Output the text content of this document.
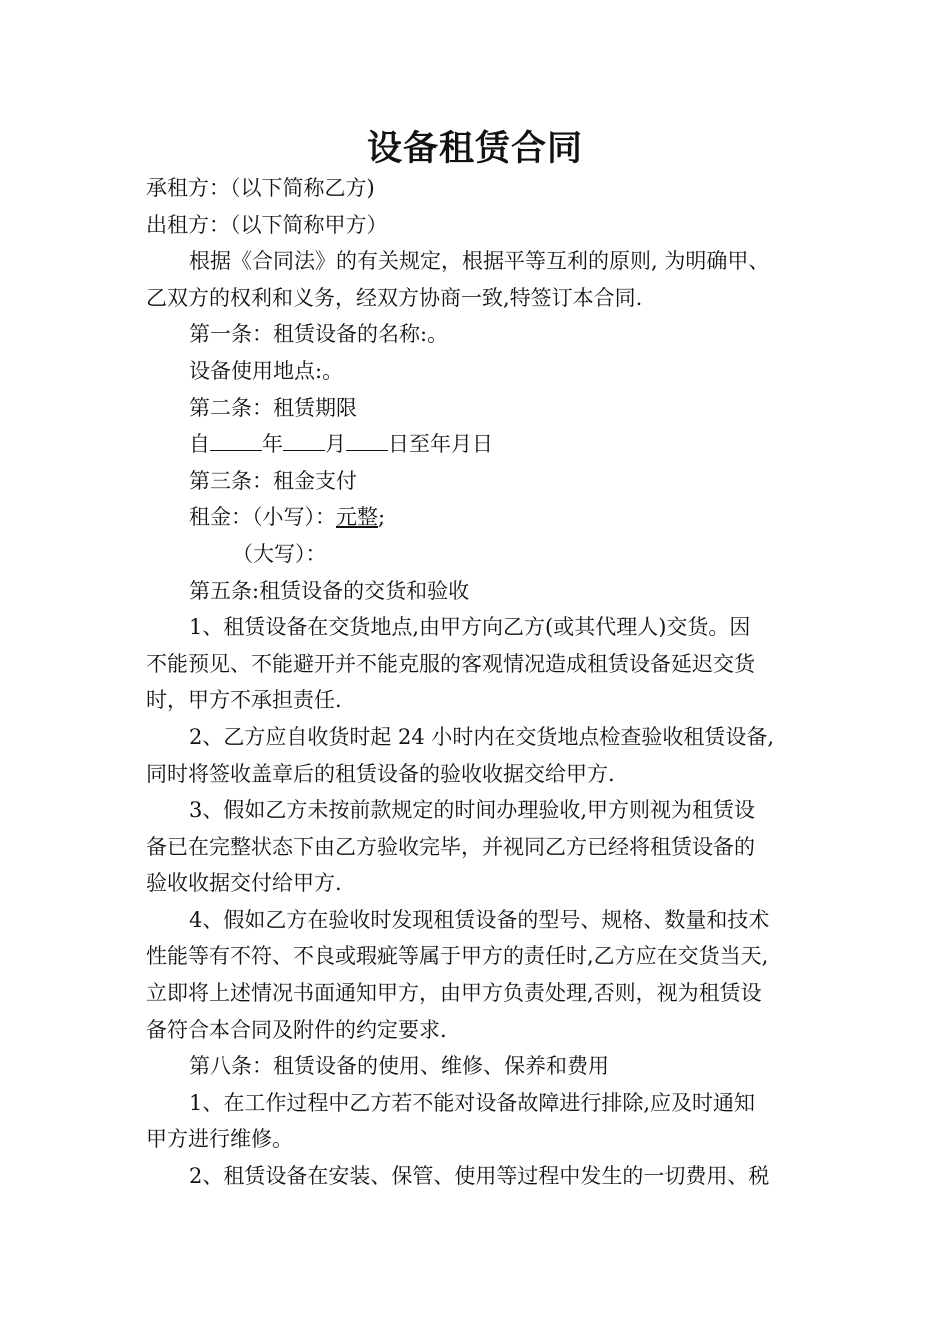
设备租赁合同

承租方：（以下简称乙方)

出租方：（以下简称甲方）

根据《合同法》的有关规定，根据平等互利的原则, 为明确甲、

乙双方的权利和义务，经双方协商一致,特签订本合同.

第一条：租赁设备的名称:。

设备使用地点:。

第二条：租赁期限

自 年 月 日至年月日

第三条：租金支付

租金：（小写）：元整;

（大写）：

第五条:租赁设备的交货和验收

1、租赁设备在交货地点,由甲方向乙方(或其代理人)交货。因

不能预见、不能避开并不能克服的客观情况造成租赁设备延迟交货

时，甲方不承担责任.

2、乙方应自收货时起 24 小时内在交货地点检查验收租赁设备,

同时将签收盖章后的租赁设备的验收收据交给甲方.

3、假如乙方未按前款规定的时间办理验收,甲方则视为租赁设

备已在完整状态下由乙方验收完毕，并视同乙方已经将租赁设备的

验收收据交付给甲方.

4、假如乙方在验收时发现租赁设备的型号、规格、数量和技术

性能等有不符、不良或瑕疵等属于甲方的责任时,乙方应在交货当天,

立即将上述情况书面通知甲方，由甲方负责处理,否则，视为租赁设

备符合本合同及附件的约定要求.

第八条：租赁设备的使用、维修、保养和费用

1、在工作过程中乙方若不能对设备故障进行排除,应及时通知

甲方进行维修。

2、租赁设备在安装、保管、使用等过程中发生的一切费用、税
